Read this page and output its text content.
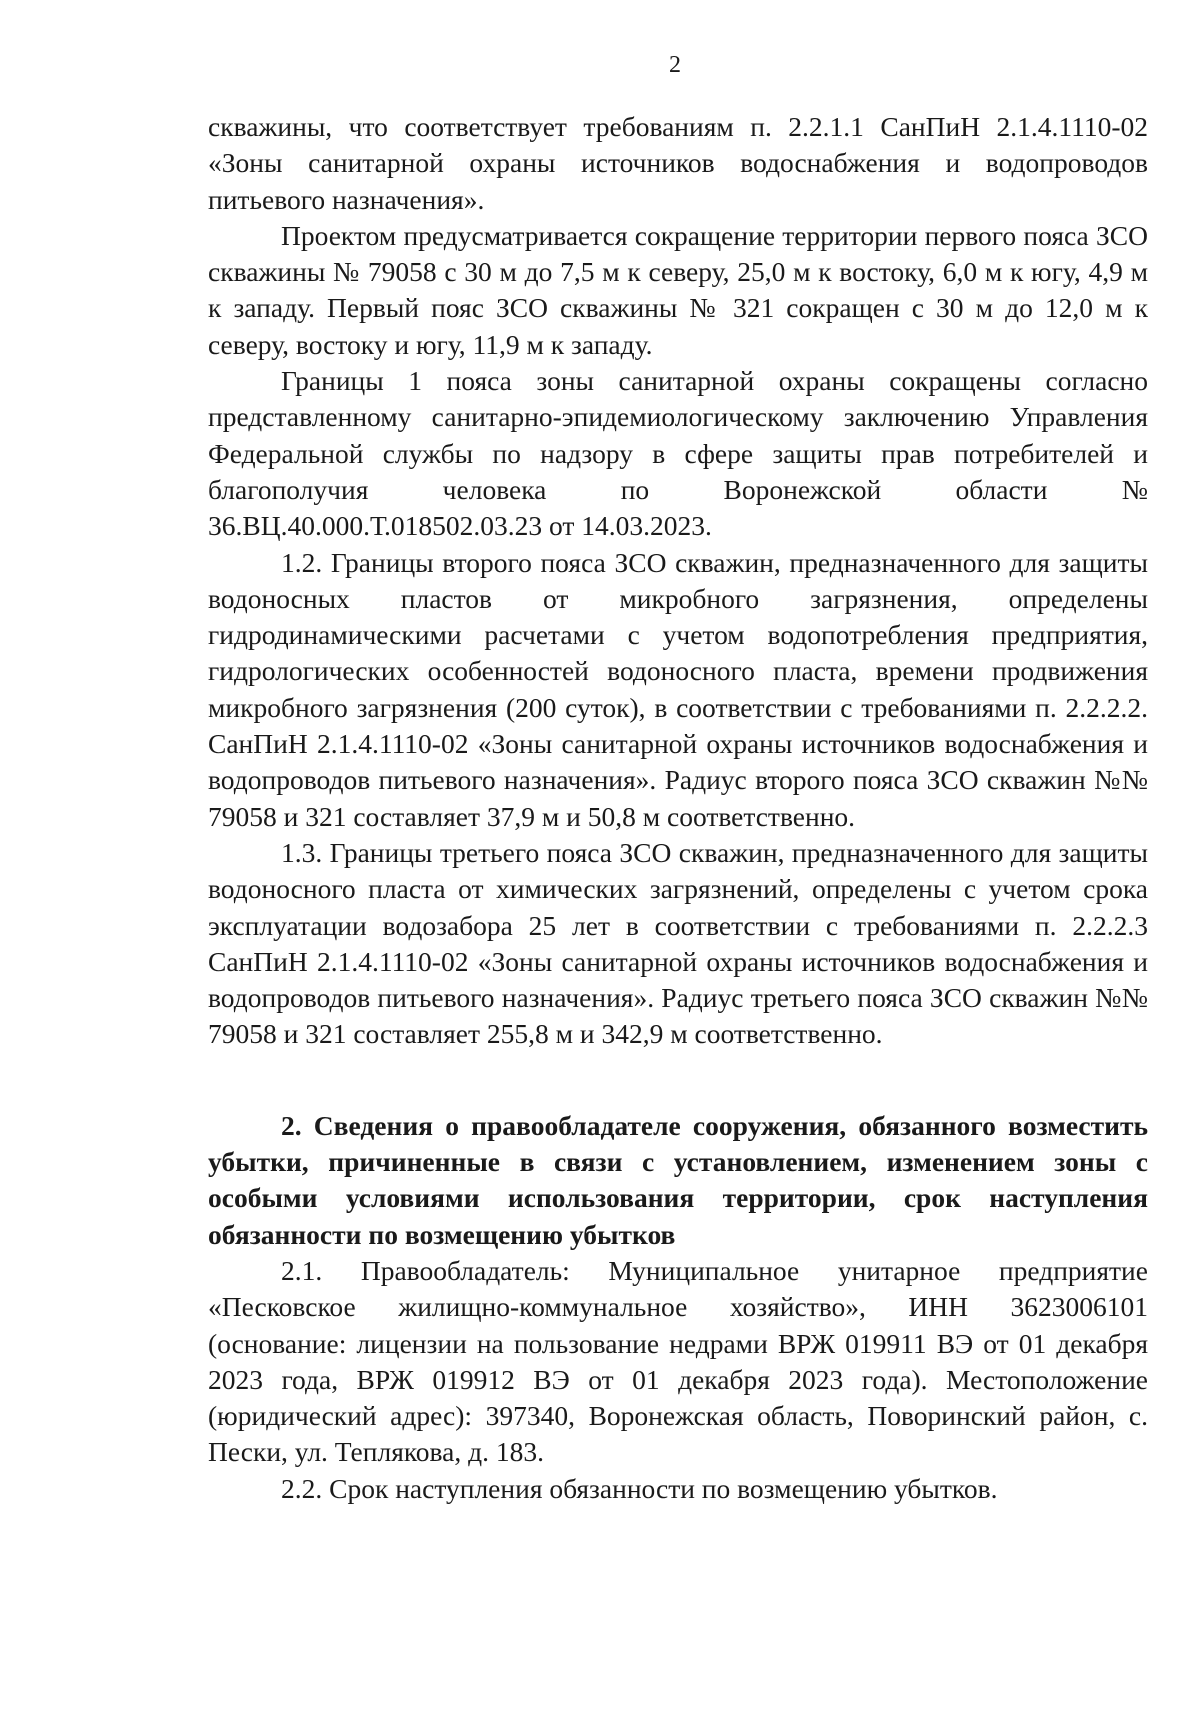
2

скважины, что соответствует требованиям п. 2.2.1.1 СанПиН 2.1.4.1110-02 «Зоны санитарной охраны источников водоснабжения и водопроводов питьевого назначения».

Проектом предусматривается сокращение территории первого пояса ЗСО скважины № 79058 с 30 м до 7,5 м к северу, 25,0 м к востоку, 6,0 м к югу, 4,9 м к западу. Первый пояс ЗСО скважины № 321 сокращен с 30 м до 12,0 м к северу, востоку и югу, 11,9 м к западу.

Границы 1 пояса зоны санитарной охраны сокращены согласно представленному санитарно-эпидемиологическому заключению Управления Федеральной службы по надзору в сфере защиты прав потребителей и благополучия человека по Воронежской области № 36.ВЦ.40.000.Т.018502.03.23 от 14.03.2023.

1.2. Границы второго пояса ЗСО скважин, предназначенного для защиты водоносных пластов от микробного загрязнения, определены гидродинамическими расчетами с учетом водопотребления предприятия, гидрологических особенностей водоносного пласта, времени продвижения микробного загрязнения (200 суток), в соответствии с требованиями п. 2.2.2.2. СанПиН 2.1.4.1110-02 «Зоны санитарной охраны источников водоснабжения и водопроводов питьевого назначения». Радиус второго пояса ЗСО скважин №№ 79058 и 321 составляет 37,9 м и 50,8 м соответственно.

1.3. Границы третьего пояса ЗСО скважин, предназначенного для защиты водоносного пласта от химических загрязнений, определены с учетом срока эксплуатации водозабора 25 лет в соответствии с требованиями п. 2.2.2.3 СанПиН 2.1.4.1110-02 «Зоны санитарной охраны источников водоснабжения и водопроводов питьевого назначения». Радиус третьего пояса ЗСО скважин №№ 79058 и 321 составляет 255,8 м и 342,9 м соответственно.

2. Сведения о правообладателе сооружения, обязанного возместить убытки, причиненные в связи с установлением, изменением зоны с особыми условиями использования территории, срок наступления обязанности по возмещению убытков

2.1. Правообладатель: Муниципальное унитарное предприятие «Песковское жилищно-коммунальное хозяйство», ИНН 3623006101 (основание: лицензии на пользование недрами ВРЖ 019911 ВЭ от 01 декабря 2023 года, ВРЖ 019912 ВЭ от 01 декабря 2023 года). Местоположение (юридический адрес): 397340, Воронежская область, Поворинский район, с. Пески, ул. Теплякова, д. 183.

2.2. Срок наступления обязанности по возмещению убытков.
